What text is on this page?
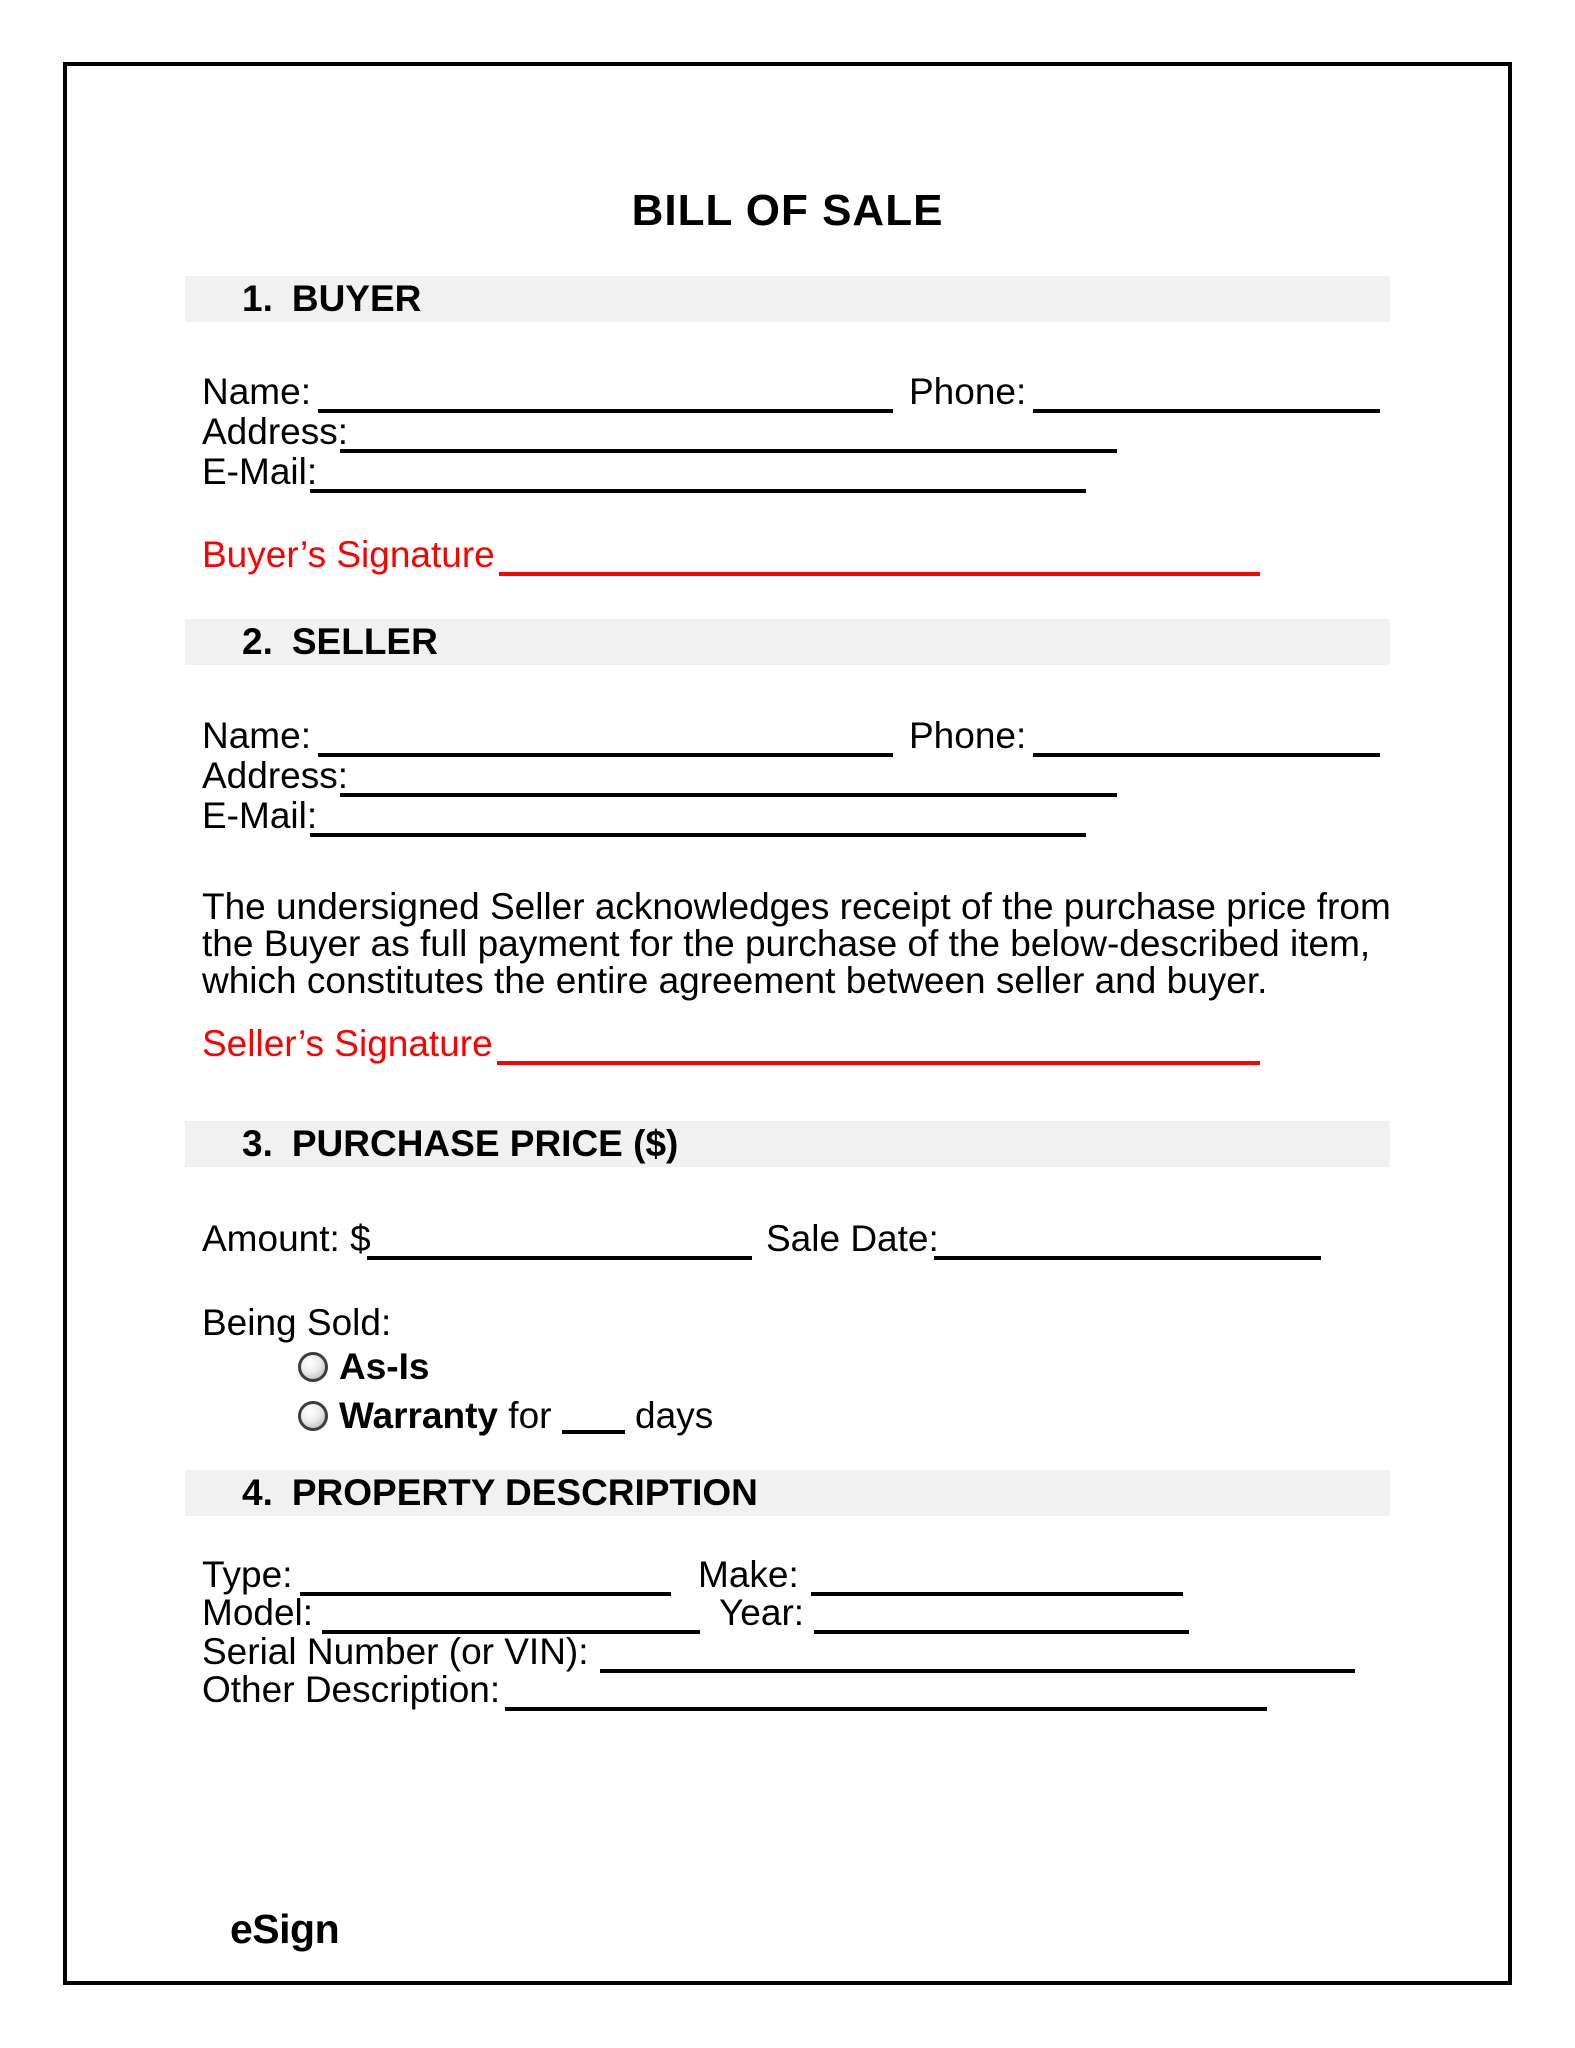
BILL OF SALE
1. BUYER
Name:	Phone:
Address:
E-Mail:
Buyer’s Signature
2. SELLER
Name:	Phone:
Address:
E-Mail:
The undersigned Seller acknowledges receipt of the purchase price from
the Buyer as full payment for the purchase of the below-described item,
which constitutes the entire agreement between seller and buyer.
Seller’s Signature
3. PURCHASE PRICE ($)
Amount: $	Sale Date:
Being Sold:
As-Is
Warranty for days
4. PROPERTY DESCRIPTION
Type:	Make:
Model:	Year:
Serial Number (or VIN):
Other Description:
eSign
